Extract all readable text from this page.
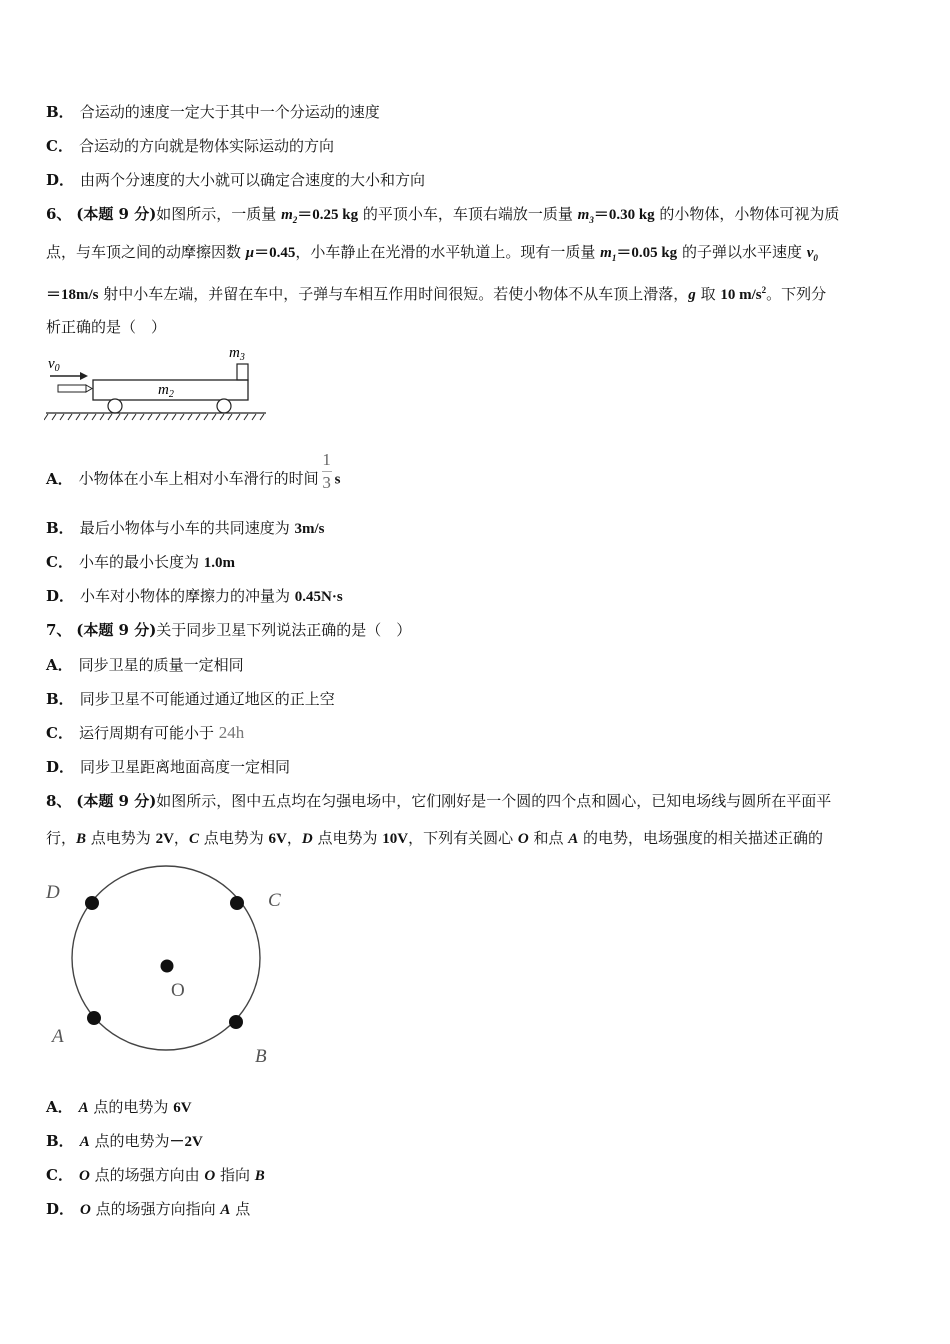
B． 合运动的速度一定大于其中一个分运动的速度
C． 合运动的方向就是物体实际运动的方向
D． 由两个分速度的大小就可以确定合速度的大小和方向
6、 (本题 9 分)如图所示，一质量 $m_2=0.25$ kg 的平顶小车，车顶右端放一质量 $m_3=0.30$ kg 的小物体，小物体可视为质
点，与车顶之间的动摩擦因数 μ＝0.45，小车静止在光滑的水平轨道上。现有一质量 $m_1=0.05$ kg 的子弹以水平速度 $v_0$
＝18m/s 射中小车左端，并留在车中，子弹与车相互作用时间很短。若使小物体不从车顶上滑落，g 取 10 $m/s^2$。下列分
析正确的是（　）
$v_0$
$m_2$
$m_3$
A． 小物体在小车上相对小车滑行的时间 $\frac{1}{3}$ s
B． 最后小物体与小车的共同速度为 3m/s
C． 小车的最小长度为 1.0m
D． 小车对小物体的摩擦力的冲量为 0.45N·s
7、 (本题 9 分)关于同步卫星下列说法正确的是（　）
A． 同步卫星的质量一定相同
B． 同步卫星不可能通过通辽地区的正上空
C． 运行周期有可能小于 24h
D． 同步卫星距离地面高度一定相同
8、 (本题 9 分)如图所示，图中五点均在匀强电场中，它们刚好是一个圆的四个点和圆心，已知电场线与圆所在平面平
行，B 点电势为 2V，C 点电势为 6V，D 点电势为 10V，下列有关圆心 O 和点 A 的电势，电场强度的相关描述正确的
D	C
O
A
B
A． A 点的电势为 6V
B． A 点的电势为－2V
C． O 点的场强方向由 O 指向 B
D． O 点的场强方向指向 A 点
